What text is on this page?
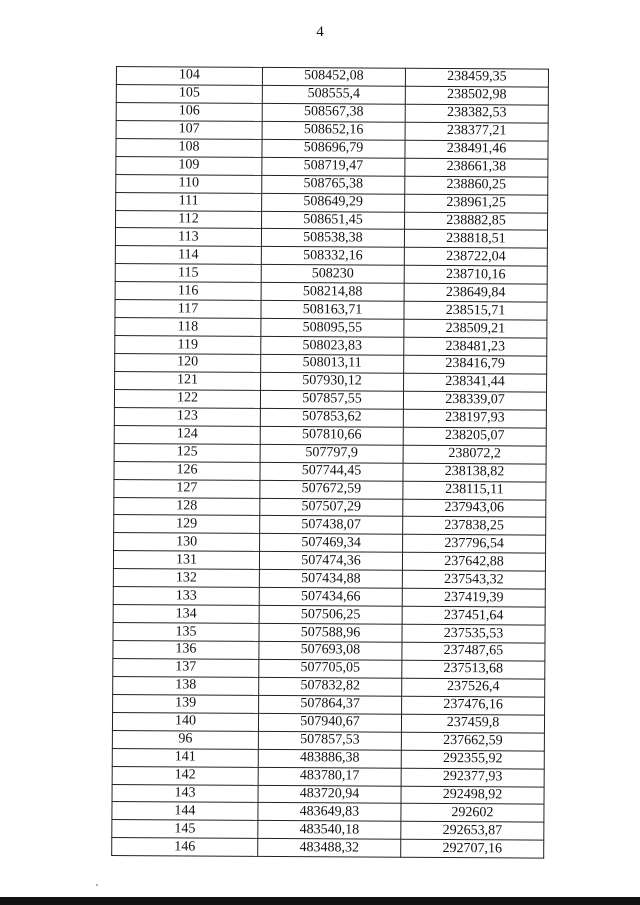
4
104	508452,08	238459,35
105	508555,4	238502,98
106	508567,38	238382,53
107	508652,16	238377,21
108	508696,79	238491,46
109	508719,47	238661,38
110	508765,38	238860,25
111	508649,29	238961,25
112	508651,45	238882,85
113	508538,38	238818,51
114	508332,16	238722,04
115	508230	238710,16
116	508214,88	238649,84
117	508163,71	238515,71
118	508095,55	238509,21
119	508023,83	238481,23
120	508013,11	238416,79
121	507930,12	238341,44
122	507857,55	238339,07
123	507853,62	238197,93
124	507810,66	238205,07
125	507797,9	238072,2
126	507744,45	238138,82
127	507672,59	238115,11
128	507507,29	237943,06
129	507438,07	237838,25
130	507469,34	237796,54
131	507474,36	237642,88
132	507434,88	237543,32
133	507434,66	237419,39
134	507506,25	237451,64
135	507588,96	237535,53
136	507693,08	237487,65
137	507705,05	237513,68
138	507832,82	237526,4
139	507864,37	237476,16
140	507940,67	237459,8
96	507857,53	237662,59
141	483886,38	292355,92
142	483780,17	292377,93
143	483720,94	292498,92
144	483649,83	292602
145	483540,18	292653,87
146	483488,32	292707,16
